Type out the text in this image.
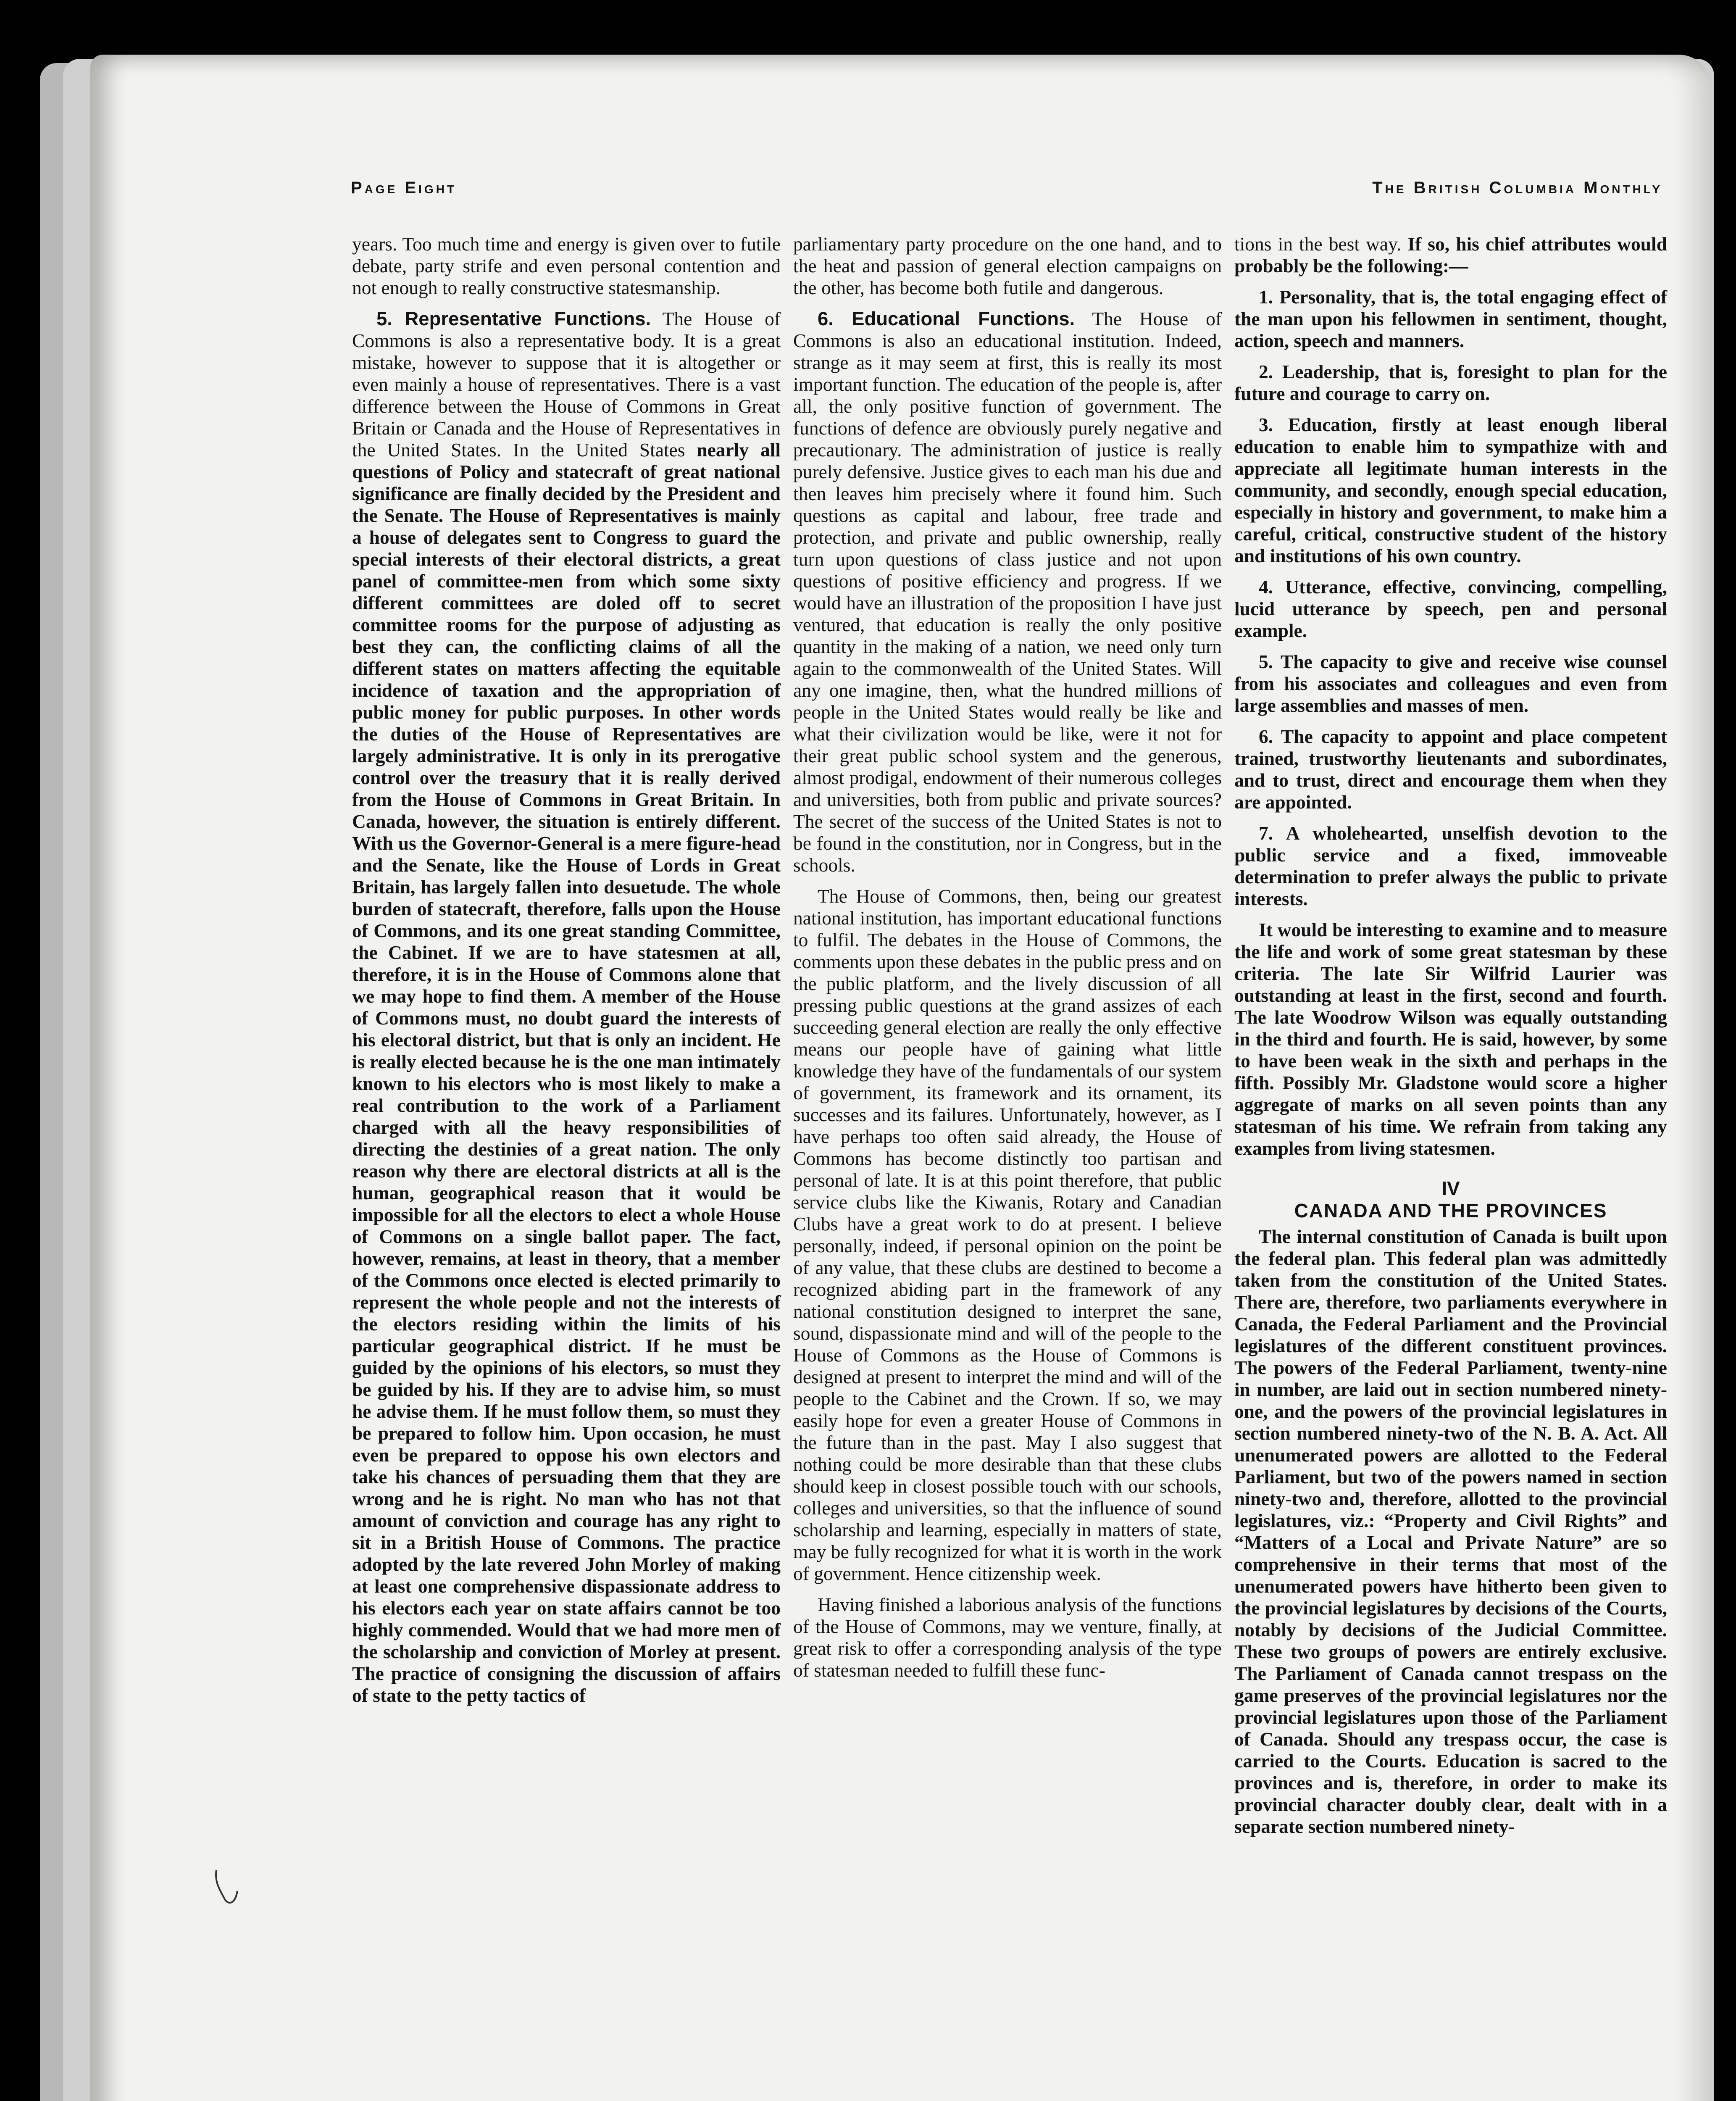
Page Eight	The British Columbia Monthly

years. Too much time and energy is given over to futile debate, party strife and even personal contention and not enough to really constructive statesmanship.

5. Representative Functions. The House of Commons is also a representative body. It is a great mistake, however to suppose that it is altogether or even mainly a house of representatives. There is a vast difference between the House of Commons in Great Britain or Canada and the House of Representatives in the United States. In the United States nearly all questions of Policy and statecraft of great national significance are finally decided by the President and the Senate. The House of Representatives is mainly a house of delegates sent to Congress to guard the special interests of their electoral districts, a great panel of committee-men from which some sixty different committees are doled off to secret committee rooms for the purpose of adjusting as best they can, the conflicting claims of all the different states on matters affecting the equitable incidence of taxation and the appropriation of public money for public purposes. In other words the duties of the House of Representatives are largely administrative. It is only in its prerogative control over the treasury that it is really derived from the House of Commons in Great Britain. In Canada, however, the situation is entirely different. With us the Governor-General is a mere figure-head and the Senate, like the House of Lords in Great Britain, has largely fallen into desuetude. The whole burden of statecraft, therefore, falls upon the House of Commons, and its one great standing Committee, the Cabinet. If we are to have statesmen at all, therefore, it is in the House of Commons alone that we may hope to find them. A member of the House of Commons must, no doubt guard the interests of his electoral district, but that is only an incident. He is really elected because he is the one man intimately known to his electors who is most likely to make a real contribution to the work of a Parliament charged with all the heavy responsibilities of directing the destinies of a great nation. The only reason why there are electoral districts at all is the human, geographical reason that it would be impossible for all the electors to elect a whole House of Commons on a single ballot paper. The fact, however, remains, at least in theory, that a member of the Commons once elected is elected primarily to represent the whole people and not the interests of the electors residing within the limits of his particular geographical district. If he must be guided by the opinions of his electors, so must they be guided by his. If they are to advise him, so must he advise them. If he must follow them, so must they be prepared to follow him. Upon occasion, he must even be prepared to oppose his own electors and take his chances of persuading them that they are wrong and he is right. No man who has not that amount of conviction and courage has any right to sit in a British House of Commons. The practice adopted by the late revered John Morley of making at least one comprehensive dispassionate address to his electors each year on state affairs cannot be too highly commended. Would that we had more men of the scholarship and conviction of Morley at present. The practice of consigning the discussion of affairs of state to the petty tactics of

parliamentary party procedure on the one hand, and to the heat and passion of general election campaigns on the other, has become both futile and dangerous.

6. Educational Functions. The House of Commons is also an educational institution. Indeed, strange as it may seem at first, this is really its most important function. The education of the people is, after all, the only positive function of government. The functions of defence are obviously purely negative and precautionary. The administration of justice is really purely defensive. Justice gives to each man his due and then leaves him precisely where it found him. Such questions as capital and labour, free trade and protection, and private and public ownership, really turn upon questions of class justice and not upon questions of positive efficiency and progress. If we would have an illustration of the proposition I have just ventured, that education is really the only positive quantity in the making of a nation, we need only turn again to the commonwealth of the United States. Will any one imagine, then, what the hundred millions of people in the United States would really be like and what their civilization would be like, were it not for their great public school system and the generous, almost prodigal, endowment of their numerous colleges and universities, both from public and private sources? The secret of the success of the United States is not to be found in the constitution, nor in Congress, but in the schools.

The House of Commons, then, being our greatest national institution, has important educational functions to fulfil. The debates in the House of Commons, the comments upon these debates in the public press and on the public platform, and the lively discussion of all pressing public questions at the grand assizes of each succeeding general election are really the only effective means our people have of gaining what little knowledge they have of the fundamentals of our system of government, its framework and its ornament, its successes and its failures. Unfortunately, however, as I have perhaps too often said already, the House of Commons has become distinctly too partisan and personal of late. It is at this point therefore, that public service clubs like the Kiwanis, Rotary and Canadian Clubs have a great work to do at present. I believe personally, indeed, if personal opinion on the point be of any value, that these clubs are destined to become a recognized abiding part in the framework of any national constitution designed to interpret the sane, sound, dispassionate mind and will of the people to the House of Commons as the House of Commons is designed at present to interpret the mind and will of the people to the Cabinet and the Crown. If so, we may easily hope for even a greater House of Commons in the future than in the past. May I also suggest that nothing could be more desirable than that these clubs should keep in closest possible touch with our schools, colleges and universities, so that the influence of sound scholarship and learning, especially in matters of state, may be fully recognized for what it is worth in the work of government. Hence citizenship week.

Having finished a laborious analysis of the functions of the House of Commons, may we venture, finally, at great risk to offer a corresponding analysis of the type of statesman needed to fulfill these func-

tions in the best way. If so, his chief attributes would probably be the following:—

1. Personality, that is, the total engaging effect of the man upon his fellowmen in sentiment, thought, action, speech and manners.

2. Leadership, that is, foresight to plan for the future and courage to carry on.

3. Education, firstly at least enough liberal education to enable him to sympathize with and appreciate all legitimate human interests in the community, and secondly, enough special education, especially in history and government, to make him a careful, critical, constructive student of the history and institutions of his own country.

4. Utterance, effective, convincing, compelling, lucid utterance by speech, pen and personal example.

5. The capacity to give and receive wise counsel from his associates and colleagues and even from large assemblies and masses of men.

6. The capacity to appoint and place competent trained, trustworthy lieutenants and subordinates, and to trust, direct and encourage them when they are appointed.

7. A wholehearted, unselfish devotion to the public service and a fixed, immoveable determination to prefer always the public to private interests.

It would be interesting to examine and to measure the life and work of some great statesman by these criteria. The late Sir Wilfrid Laurier was outstanding at least in the first, second and fourth. The late Woodrow Wilson was equally outstanding in the third and fourth. He is said, however, by some to have been weak in the sixth and perhaps in the fifth. Possibly Mr. Gladstone would score a higher aggregate of marks on all seven points than any statesman of his time. We refrain from taking any examples from living statesmen.

IV

CANADA AND THE PROVINCES

The internal constitution of Canada is built upon the federal plan. This federal plan was admittedly taken from the constitution of the United States. There are, therefore, two parliaments everywhere in Canada, the Federal Parliament and the Provincial legislatures of the different constituent provinces. The powers of the Federal Parliament, twenty-nine in number, are laid out in section numbered ninety-one, and the powers of the provincial legislatures in section numbered ninety-two of the N. B. A. Act. All unenumerated powers are allotted to the Federal Parliament, but two of the powers named in section ninety-two and, therefore, allotted to the provincial legislatures, viz.: “Property and Civil Rights” and “Matters of a Local and Private Nature” are so comprehensive in their terms that most of the unenumerated powers have hitherto been given to the provincial legislatures by decisions of the Courts, notably by decisions of the Judicial Committee. These two groups of powers are entirely exclusive. The Parliament of Canada cannot trespass on the game preserves of the provincial legislatures nor the provincial legislatures upon those of the Parliament of Canada. Should any trespass occur, the case is carried to the Courts. Education is sacred to the provinces and is, therefore, in order to make its provincial character doubly clear, dealt with in a separate section numbered ninety-
